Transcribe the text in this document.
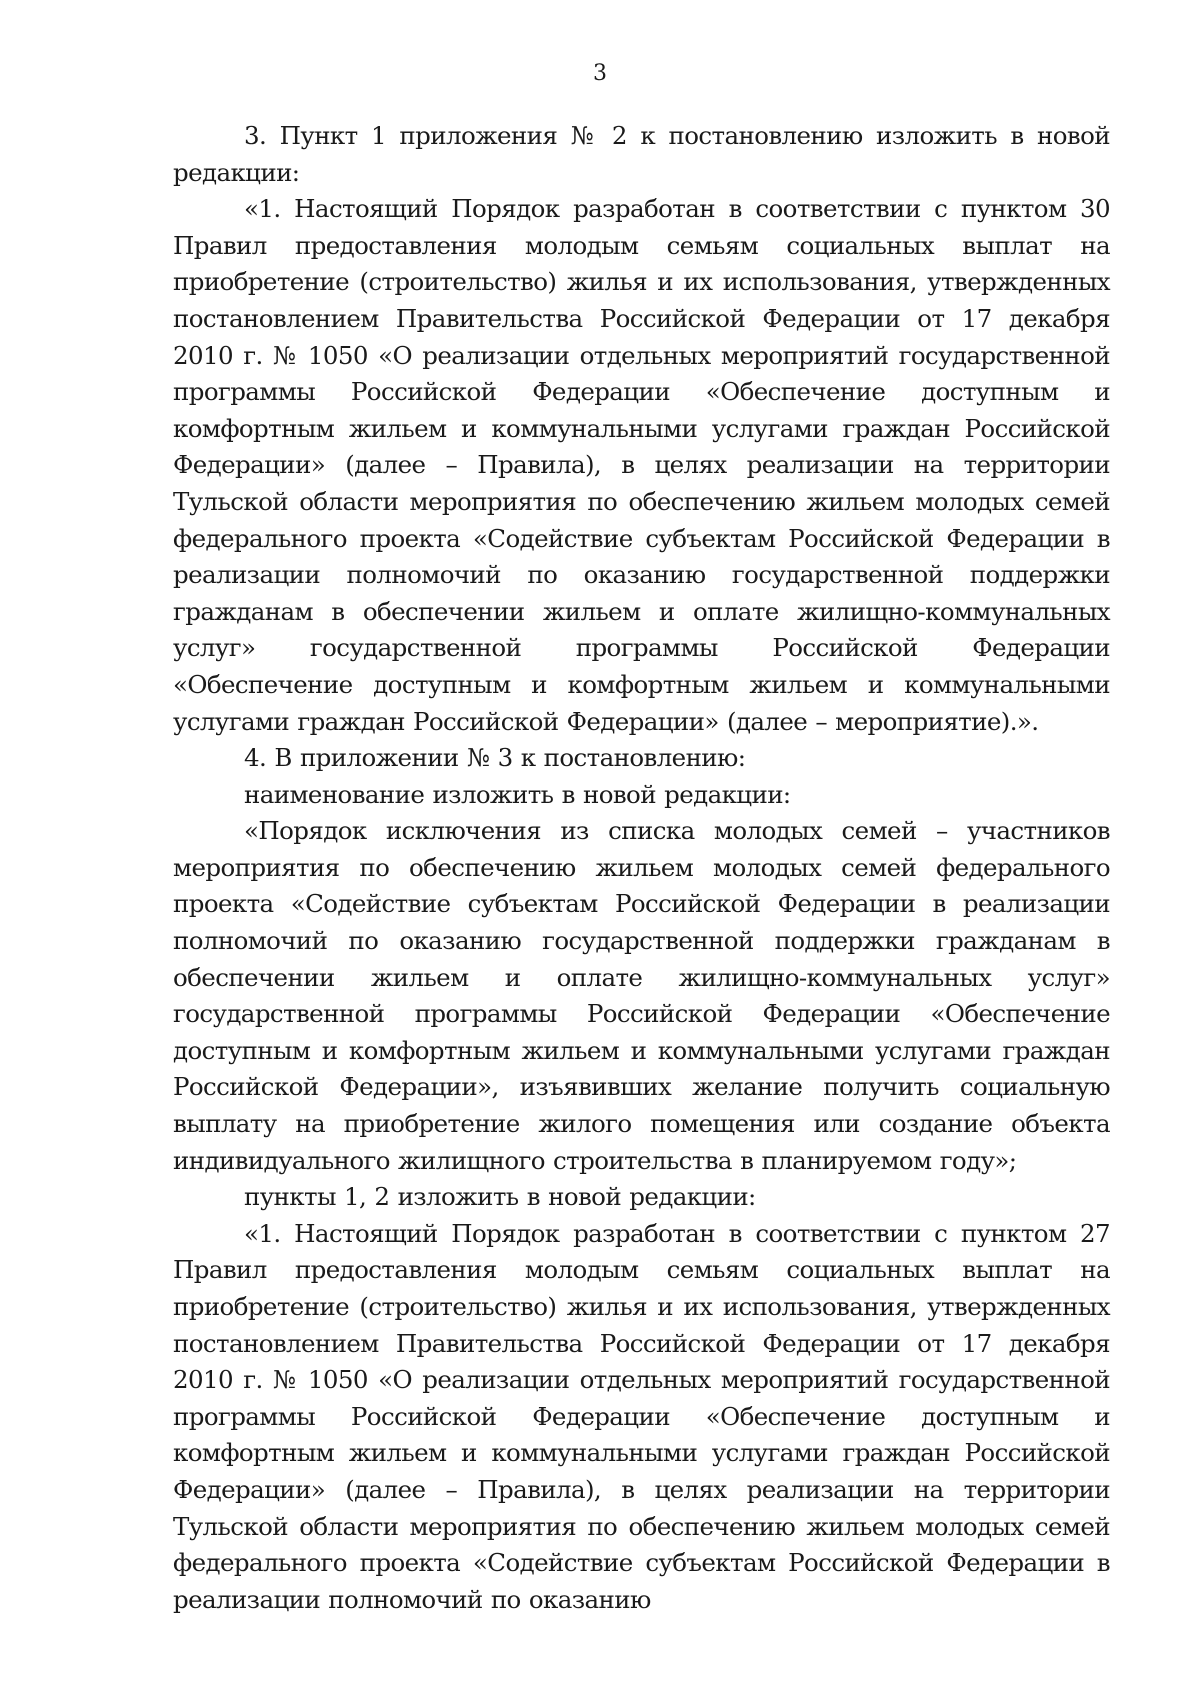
3

3. Пункт 1 приложения № 2 к постановлению изложить в новой редакции:

«1. Настоящий Порядок разработан в соответствии с пунктом 30 Правил предоставления молодым семьям социальных выплат на приобретение (строительство) жилья и их использования, утвержденных постановлением Правительства Российской Федерации от 17 декабря 2010 г. № 1050 «О реализации отдельных мероприятий государственной программы Российской Федерации «Обеспечение доступным и комфортным жильем и коммунальными услугами граждан Российской Федерации» (далее – Правила), в целях реализации на территории Тульской области мероприятия по обеспечению жильем молодых семей федерального проекта «Содействие субъектам Российской Федерации в реализации полномочий по оказанию государственной поддержки гражданам в обеспечении жильем и оплате жилищно-коммунальных услуг» государственной программы Российской Федерации «Обеспечение доступным и комфортным жильем и коммунальными услугами граждан Российской Федерации» (далее – мероприятие).».

4. В приложении № 3 к постановлению:

наименование изложить в новой редакции:

«Порядок исключения из списка молодых семей – участников мероприятия по обеспечению жильем молодых семей федерального проекта «Содействие субъектам Российской Федерации в реализации полномочий по оказанию государственной поддержки гражданам в обеспечении жильем и оплате жилищно-коммунальных услуг» государственной программы Российской Федерации «Обеспечение доступным и комфортным жильем и коммунальными услугами граждан Российской Федерации», изъявивших желание получить социальную выплату на приобретение жилого помещения или создание объекта индивидуального жилищного строительства в планируемом году»;

пункты 1, 2 изложить в новой редакции:

«1. Настоящий Порядок разработан в соответствии с пунктом 27 Правил предоставления молодым семьям социальных выплат на приобретение (строительство) жилья и их использования, утвержденных постановлением Правительства Российской Федерации от 17 декабря 2010 г. № 1050 «О реализации отдельных мероприятий государственной программы Российской Федерации «Обеспечение доступным и комфортным жильем и коммунальными услугами граждан Российской Федерации» (далее – Правила), в целях реализации на территории Тульской области мероприятия по обеспечению жильем молодых семей федерального проекта «Содействие субъектам Российской Федерации в реализации полномочий по оказанию
